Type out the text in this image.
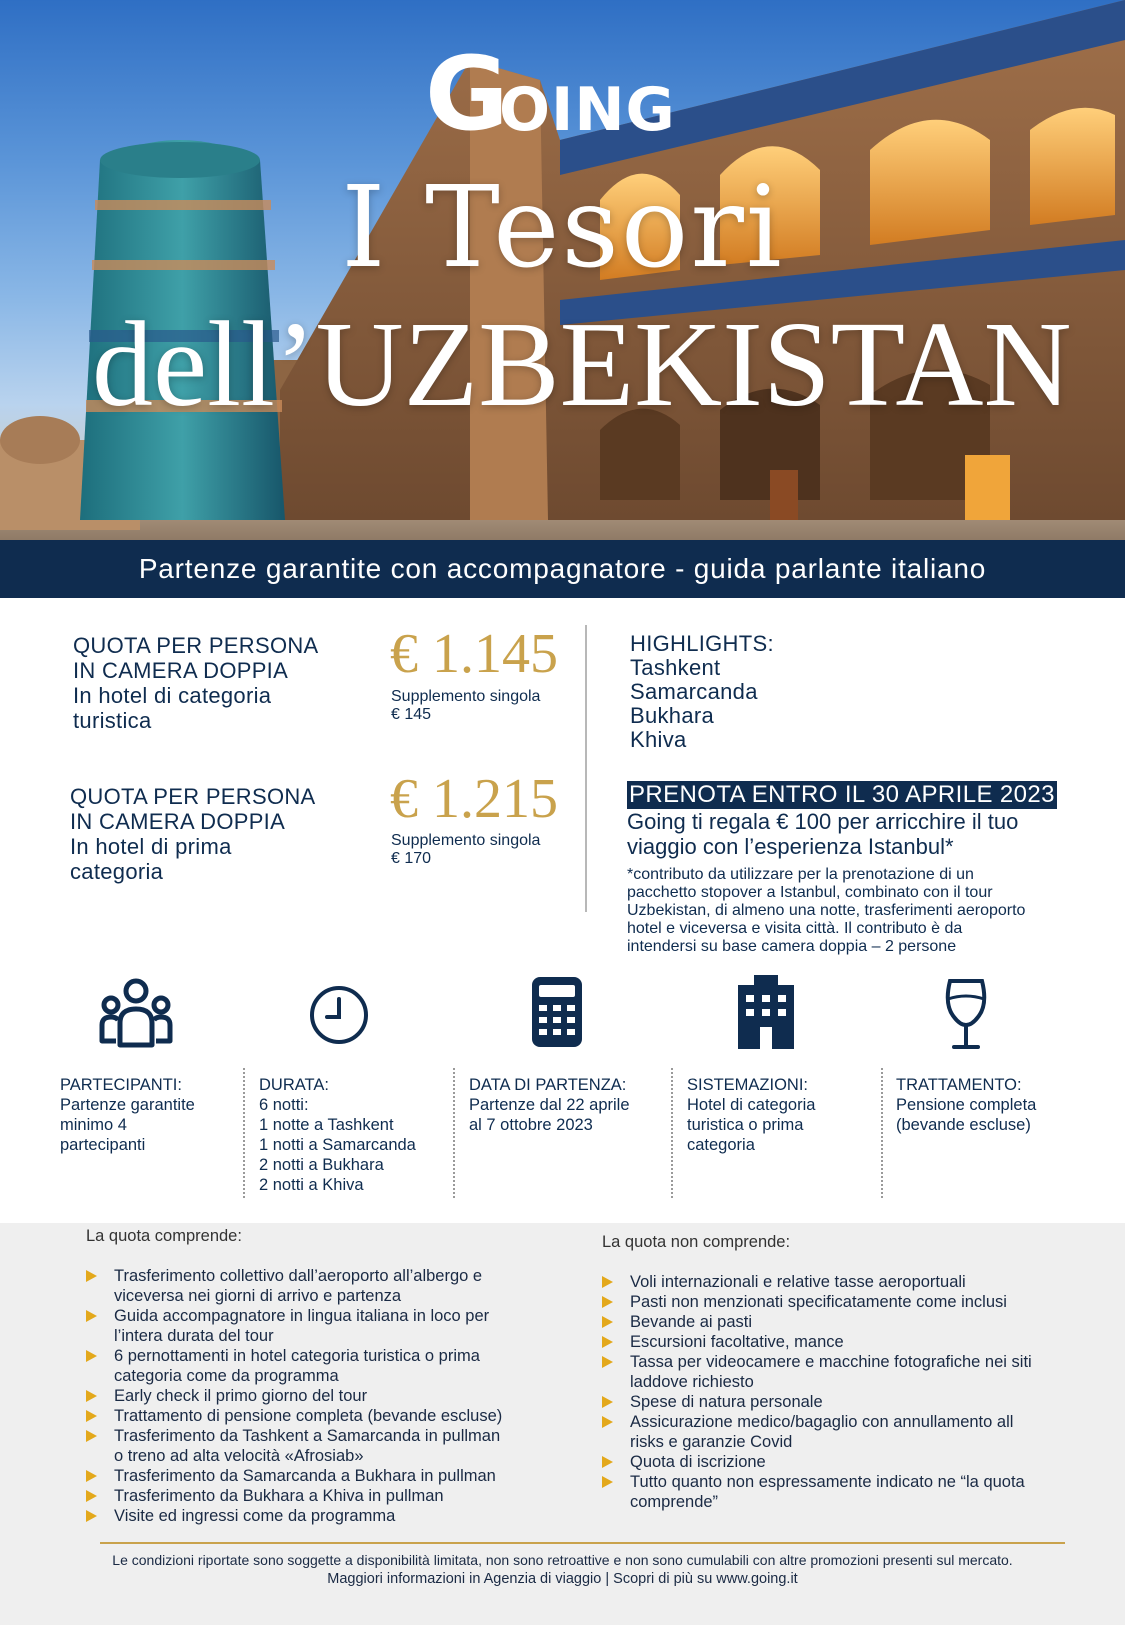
G
OING
I Tesori
dell’UZBEKISTAN
Partenze garantite con accompagnatore - guida parlante italiano
QUOTA PER PERSONA
IN CAMERA DOPPIA
In hotel di categoria
turistica
€ 1.145
Supplemento singola
€ 145
QUOTA PER PERSONA
IN CAMERA DOPPIA
In hotel di prima
categoria
€ 1.215
Supplemento singola
€ 170
HIGHLIGHTS:
Tashkent
Samarcanda
Bukhara
Khiva
PRENOTA ENTRO IL 30 APRILE 2023
Going ti regala € 100 per arricchire il tuo
viaggio con l’esperienza Istanbul*
*contributo da utilizzare per la prenotazione di un
pacchetto stopover a Istanbul, combinato con il tour
Uzbekistan, di almeno una notte, trasferimenti aeroporto
hotel e viceversa e visita città. Il contributo è da
intendersi su base camera doppia – 2 persone
PARTECIPANTI:
Partenze garantite
minimo 4
partecipanti
DURATA:
6 notti:
1 notte a Tashkent
1 notti a Samarcanda
2 notti a Bukhara
2 notti a Khiva
DATA DI PARTENZA:
Partenze dal 22 aprile
al 7 ottobre 2023
SISTEMAZIONI:
Hotel di categoria
turistica o prima
categoria
TRATTAMENTO:
Pensione completa
(bevande escluse)
La quota comprende:
Trasferimento collettivo dall’aeroporto all’albergo e
viceversa nei giorni di arrivo e partenza
Guida accompagnatore in lingua italiana in loco per
l’intera durata del tour
6 pernottamenti in hotel categoria turistica o prima
categoria come da programma
Early check il primo giorno del tour
Trattamento di pensione completa (bevande escluse)
Trasferimento da Tashkent a Samarcanda in pullman
o treno ad alta velocità «Afrosiab»
Trasferimento da Samarcanda a Bukhara in pullman
Trasferimento da Bukhara a Khiva in pullman
Visite ed ingressi come da programma
La quota non comprende:
Voli internazionali e relative tasse aeroportuali
Pasti non menzionati specificatamente come inclusi
Bevande ai pasti
Escursioni facoltative, mance
Tassa per videocamere e macchine fotografiche nei siti
laddove richiesto
Spese di natura personale
Assicurazione medico/bagaglio con annullamento all
risks e garanzie Covid
Quota di iscrizione
Tutto quanto non espressamente indicato ne “la quota
comprende”
Le condizioni riportate sono soggette a disponibilità limitata, non sono retroattive e non sono cumulabili con altre promozioni presenti sul mercato.
Maggiori informazioni in Agenzia di viaggio | Scopri di più su www.going.it
